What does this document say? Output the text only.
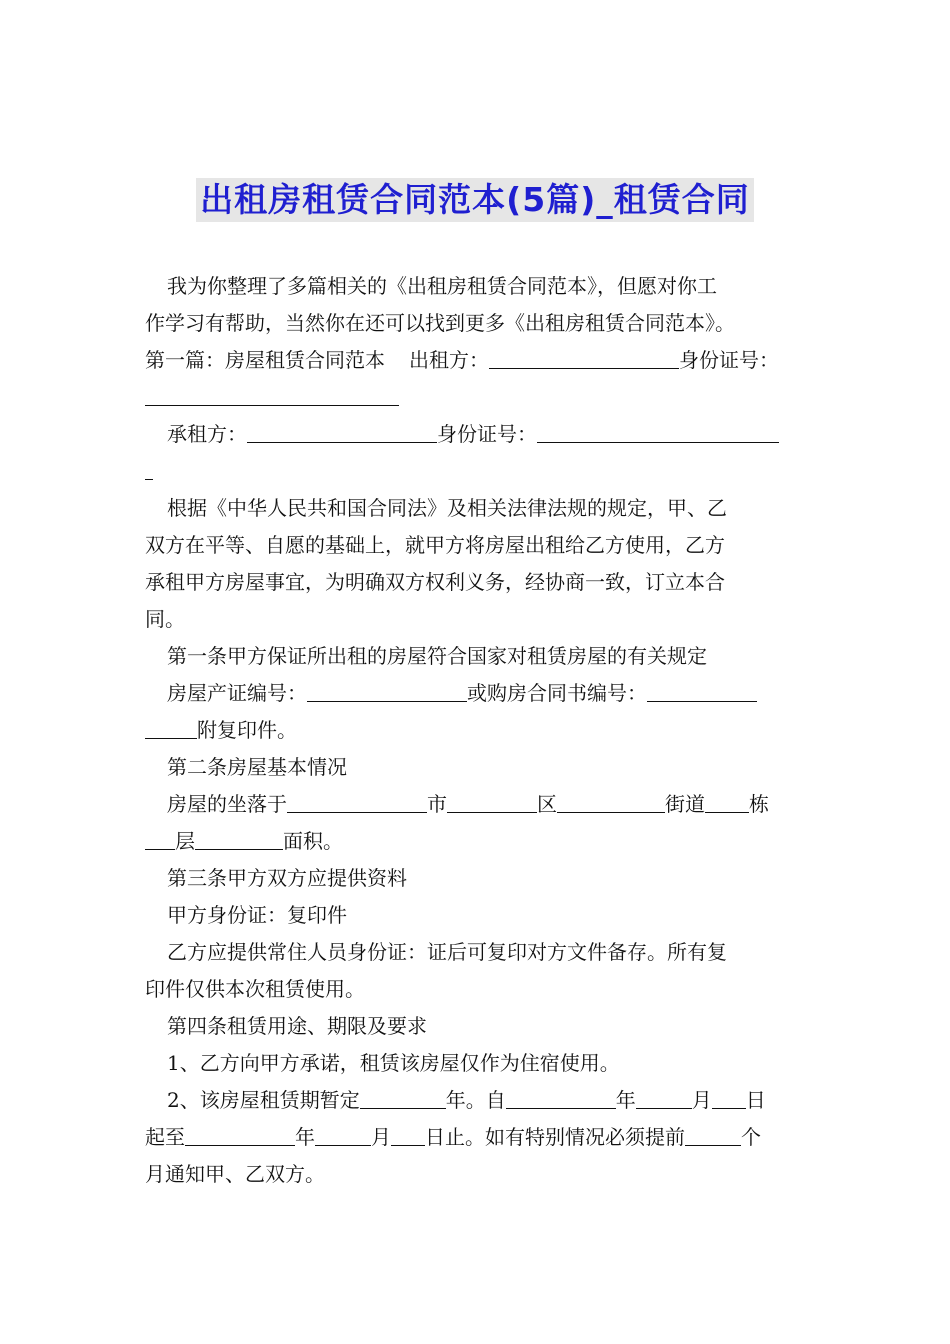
出租房租赁合同范本(5篇)_租赁合同

我为你整理了多篇相关的《出租房租赁合同范本》，但愿对你工

作学习有帮助，当然你在还可以找到更多《出租房租赁合同范本》。

第一篇：房屋租赁合同范本 出租方：	身份证号：

承租方：	身份证号：

根据《中华人民共和国合同法》及相关法律法规的规定，甲、乙

双方在平等、自愿的基础上，就甲方将房屋出租给乙方使用，乙方

承租甲方房屋事宜，为明确双方权利义务，经协商一致，订立本合

同。

第一条甲方保证所出租的房屋符合国家对租赁房屋的有关规定

房屋产证编号：	或购房合同书编号：

附复印件。

第二条房屋基本情况

房屋的坐落于	市	区	街道 栋

层	面积。

第三条甲方双方应提供资料

甲方身份证：复印件

乙方应提供常住人员身份证：证后可复印对方文件备存。所有复

印件仅供本次租赁使用。

第四条租赁用途、期限及要求

1、乙方向甲方承诺，租赁该房屋仅作为住宿使用。

2、该房屋租赁期暂定	年。自	年	月 日

起至	年	月 日止。如有特别情况必须提前	个

月通知甲、乙双方。
